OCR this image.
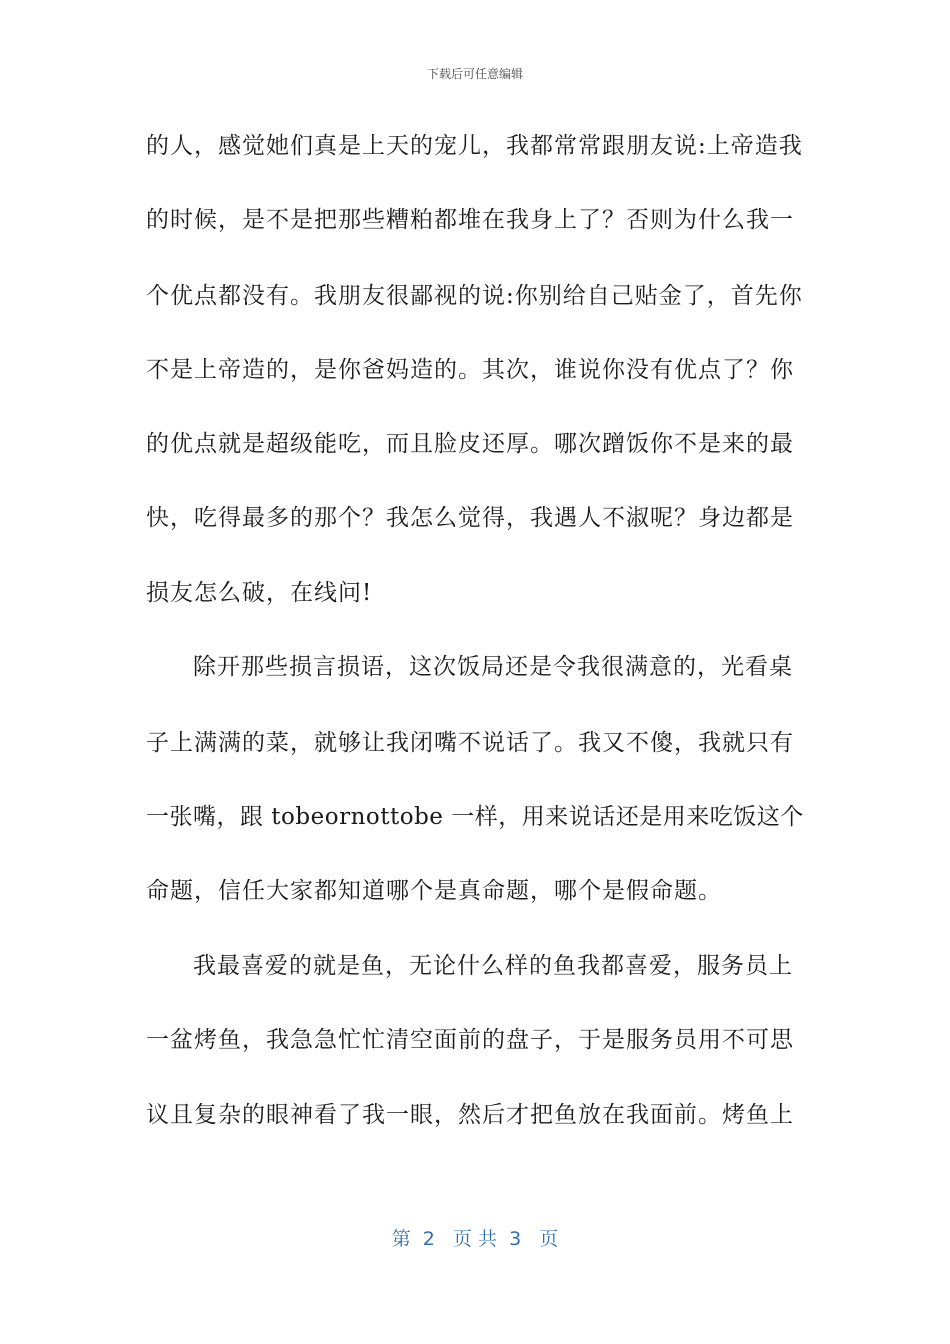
下载后可任意编辑
的人，感觉她们真是上天的宠儿，我都常常跟朋友说:上帝造我
的时候，是不是把那些糟粕都堆在我身上了？否则为什么我一
个优点都没有。我朋友很鄙视的说:你别给自己贴金了，首先你
不是上帝造的，是你爸妈造的。其次，谁说你没有优点了？你
的优点就是超级能吃，而且脸皮还厚。哪次蹭饭你不是来的最
快，吃得最多的那个？我怎么觉得，我遇人不淑呢？身边都是
损友怎么破，在线问!
除开那些损言损语，这次饭局还是令我很满意的，光看桌
子上满满的菜，就够让我闭嘴不说话了。我又不傻，我就只有
一张嘴，跟 tobeornottobe 一样，用来说话还是用来吃饭这个
命题，信任大家都知道哪个是真命题，哪个是假命题。
我最喜爱的就是鱼，无论什么样的鱼我都喜爱，服务员上
一盆烤鱼，我急急忙忙清空面前的盘子，于是服务员用不可思
议且复杂的眼神看了我一眼，然后才把鱼放在我面前。烤鱼上
第  2   页 共  3   页
